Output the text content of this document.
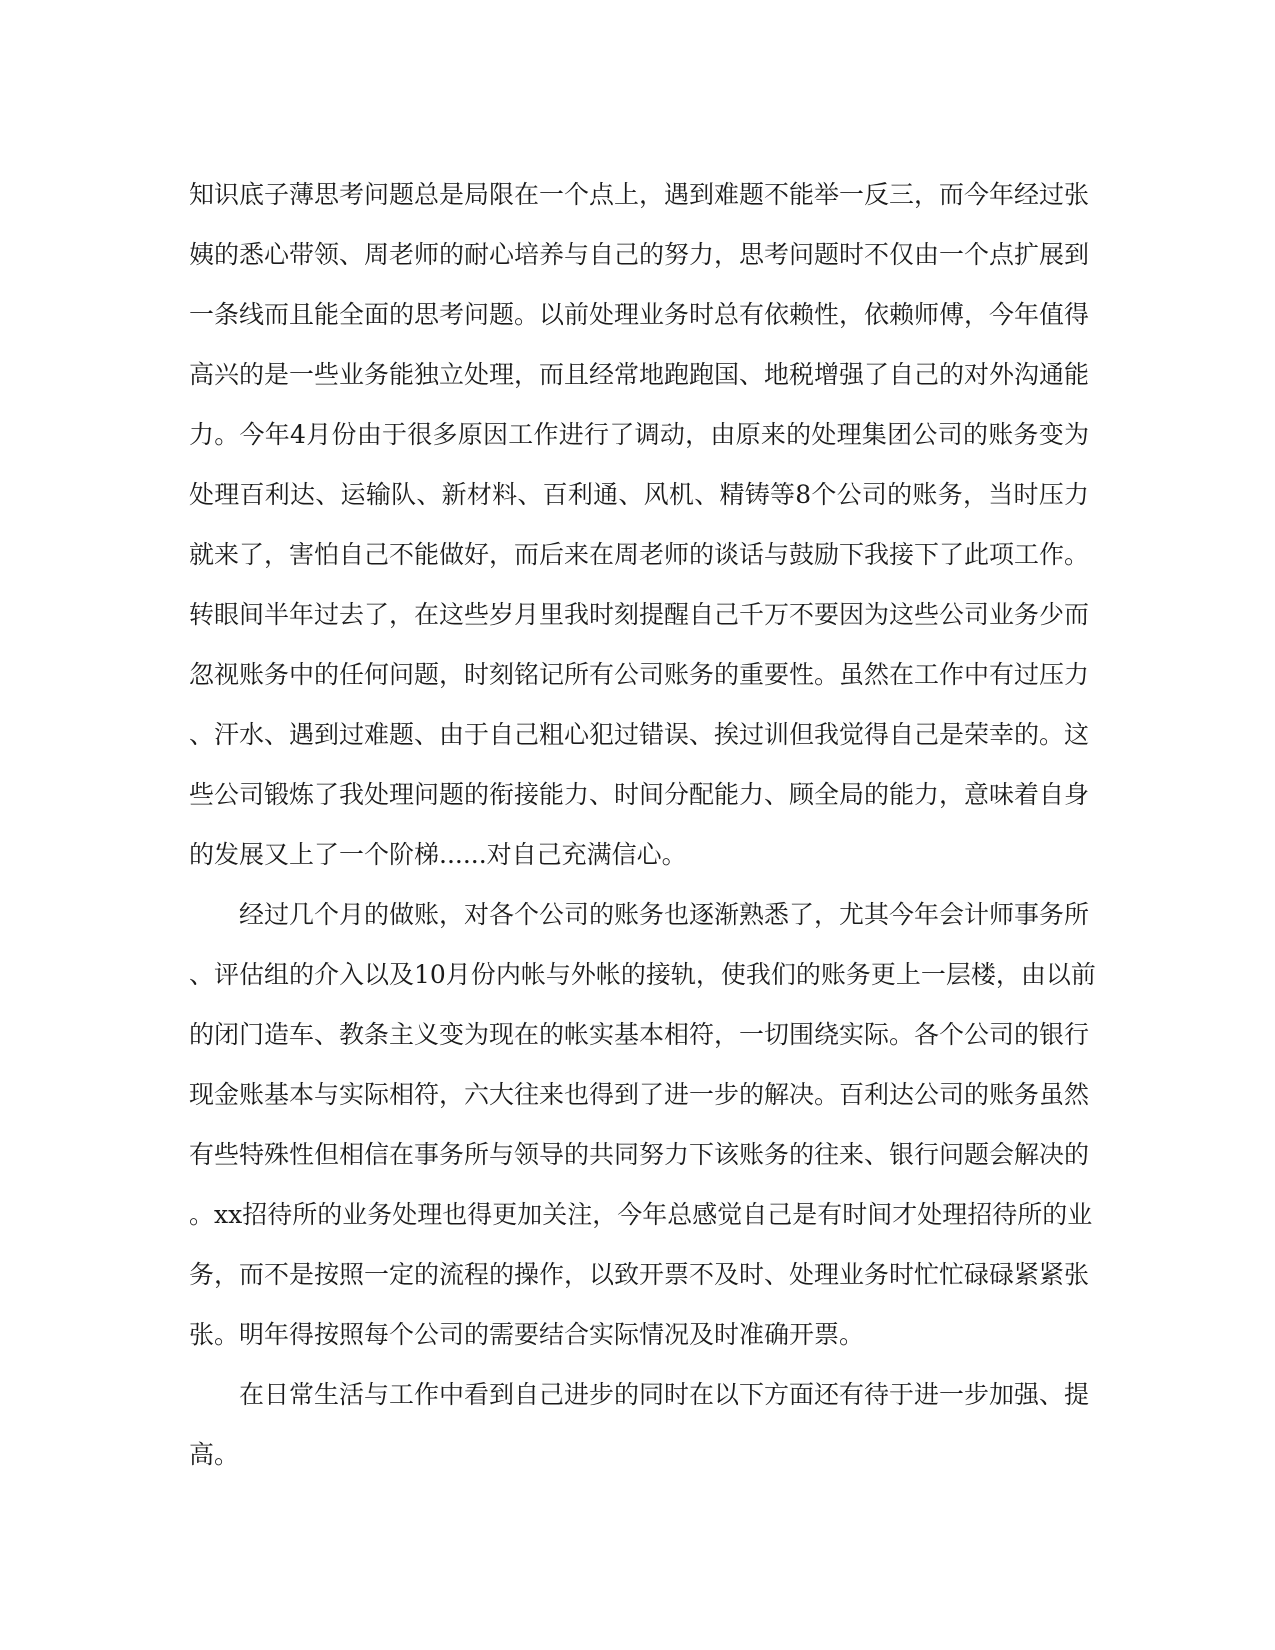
知识底子薄思考问题总是局限在一个点上，遇到难题不能举一反三，而今年经过张
姨的悉心带领、周老师的耐心培养与自己的努力，思考问题时不仅由一个点扩展到
一条线而且能全面的思考问题。以前处理业务时总有依赖性，依赖师傅，今年值得
高兴的是一些业务能独立处理，而且经常地跑跑国、地税增强了自己的对外沟通能
力。今年4月份由于很多原因工作进行了调动，由原来的处理集团公司的账务变为
处理百利达、运输队、新材料、百利通、风机、精铸等8个公司的账务，当时压力
就来了，害怕自己不能做好，而后来在周老师的谈话与鼓励下我接下了此项工作。
转眼间半年过去了，在这些岁月里我时刻提醒自己千万不要因为这些公司业务少而
忽视账务中的任何问题，时刻铭记所有公司账务的重要性。虽然在工作中有过压力
、汗水、遇到过难题、由于自己粗心犯过错误、挨过训但我觉得自己是荣幸的。这
些公司锻炼了我处理问题的衔接能力、时间分配能力、顾全局的能力，意味着自身
的发展又上了一个阶梯......对自己充满信心。
经过几个月的做账，对各个公司的账务也逐渐熟悉了，尤其今年会计师事务所
、评估组的介入以及10月份内帐与外帐的接轨，使我们的账务更上一层楼，由以前
的闭门造车、教条主义变为现在的帐实基本相符，一切围绕实际。各个公司的银行
现金账基本与实际相符，六大往来也得到了进一步的解决。百利达公司的账务虽然
有些特殊性但相信在事务所与领导的共同努力下该账务的往来、银行问题会解决的
。xx招待所的业务处理也得更加关注，今年总感觉自己是有时间才处理招待所的业
务，而不是按照一定的流程的操作，以致开票不及时、处理业务时忙忙碌碌紧紧张
张。明年得按照每个公司的需要结合实际情况及时准确开票。
在日常生活与工作中看到自己进步的同时在以下方面还有待于进一步加强、提
高。
